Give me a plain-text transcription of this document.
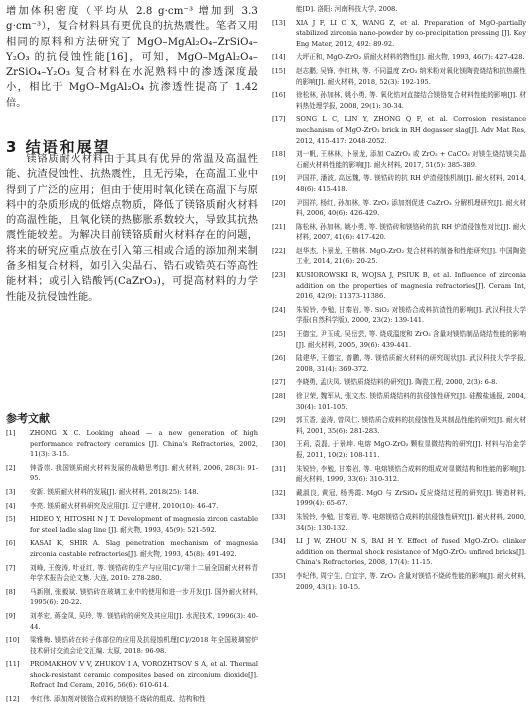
增加体积密度（平均从 2.8 g·cm⁻³ 增加到 3.3 g·cm⁻³），复合材料具有更优良的抗热震性。笔者又用相同的原料和方法研究了 MgO–MgAl₂O₄–ZrSiO₄–Y₂O₃ 的抗侵蚀性能[16]，可知，MgO–MgAl₂O₄–ZrSiO₄–Y₂O₃ 复合材料在水泥熟料中的渗透深度最小，相比于 MgO–MgAl₂O₄ 抗渗透性提高了 1.42 倍。

3 结语和展望

镁铬质耐火材料由于其具有优异的常温及高温性能、抗渣侵蚀性、抗热震性，且无污染，在高温工业中得到了广泛的应用；但由于使用时氧化镁在高温下与原料中的杂质形成的低熔点物质，降低了镁铬质耐火材料的高温性能，且氧化镁的热膨胀系数较大，导致其抗热震性能较差。为解决目前镁铬质耐火材料存在的问题，将来的研究应重点放在引入第三相或合适的添加剂来制备多相复合材料，如引入尖晶石、锆石或锆英石等高性能材料；或引入锆酸钙(CaZrO₃)，可提高材料的力学性能及抗侵蚀性能。

参考文献
[1] ZHONG X C. Looking ahead — a new generation of high performance refractory ceramics [J]. China's Refractories, 2002, 11(3): 3-15.
[2] 钟香崇. 我国镁质耐火材料发展的战略思考[J]. 耐火材料, 2006, 28(3): 91-95.
[3] 安新. 镁质耐火材料的发展[J]. 耐火材料, 2018(25): 148.
[4] 李亮. 镁质耐火材料研究及应用[J]. 辽宁建材, 2010(10): 46-47.
[5] HIDEO Y, HITOSHI N J T. Development of magnesia zircon castable for steel ladle slag line [J]. 耐火物, 1993, 45(9): 521-592.
[6] KASAI K, SHIR A. Slag penetration mechanism of magnesia zirconia castable refractories[J]. 耐火物, 1993, 45(8): 491-492.
[7] 刘峰, 王俊涛, 叶亚红, 等. 镁锆砖的生产与应用[C]//第十二届全国耐火材料青年学术报告会论文集. 大连, 2010: 278-280.
[8] 马新刚, 张毅斌. 镁锆砖在玻璃工业中的使用和进一步开发[J]. 国外耐火材料, 1995(6): 20-22.
[9] 刘孝宏, 蒋金凤, 吴玲, 等. 镁锆砖的研究及其应用[J]. 水泥技术, 1996(3): 40-44.
[10] 梁雅梅. 镁锆砖在转子体部位的应用及抗侵蚀机理[C]//2018 年全国玻璃窑炉技术研讨交流会论文汇编. 太原, 2018: 96-98.
[11] PROMAKHOV V V, ZHUKOV I A, VOROZHTSOV S A, et al. Thermal shock-resistant ceramic composites based on zirconium dioxide[J]. Refract Ind Ceram, 2016, 56(6): 610-614.
[12] 李红伟. 添加剂对镁铬合成料的镁铬不烧砖的组成、结构和性
能[D]. 洛阳: 河南科技大学, 2008.
[13] XIA J F, LI C X, WANG Z, et al. Preparation of MgO-partially stabilized zirconia nano-powder by co-precipitation pressing [J]. Key Eng Mater, 2012, 492: 89-92.
[14] 大坪正和, MgO-ZrO₂ 质耐火材料的物性[J]. 耐火物, 1993, 46(7): 427-428.
[15] 赵志鹏, 吴锋, 李红林, 等. 不同温度 ZrO₂ 纳米粉对氧化镁陶瓷烧结和抗热震性的影响[J]. 耐火材料, 2018, 52(3): 192-195.
[16] 徐松林, 孙加林, 姚小勇, 等. 氧化锆对直接结合镁铬复合材料性能的影响[J]. 材料热处理学报, 2008, 29(1): 30-34.
[17] SONG L C, LIN Y, ZHONG Q F, et al. Corrosion resistance mechanism of MgO-ZrO₂ brick in RH degasser slag[J]. Adv Mat Res, 2012, 415-417: 2048-2052.
[18] 刘一帆, 王林林, 卜景龙, 添加 CaZrO₃ 或 ZrO₂ + CaCO₃ 对镁生烧结镁尖晶石耐火材料性能的影响[J]. 耐火材料, 2017, 51(5): 385-389.
[19] 尹国祥, 潘波, 高远魏, 等. 镁锆砖的抗 RH 炉渣侵蚀机制[J]. 耐火材料, 2014, 48(6): 415-418.
[20] 尹国祥, 杨红, 孙加林, 等. ZrO₂ 添加剂促进 CaZrO₃ 分解机理研究[J]. 耐火材料, 2006, 40(6): 426-429.
[21] 陈松林, 孙加林, 姚小勇, 等. 镁锆砖和镁铬砖的抗 RH 炉渣侵蚀性对比[J]. 耐火材料, 2007, 41(6): 417-420.
[22] 赵华杰, 卜景龙, 王榕林. MgO-ZrO₂ 复合材料的制备和性能研究[J]. 中国陶瓷工业, 2014, 21(6): 20-25.
[23] KUSIOROWSKI R, WOJSA J, PSIUK B, et al. Influence of zirconia addition on the properties of magnesia refractories[J]. Ceram Int, 2016, 42(9): 11373-11386.
[24] 朱锐铃, 李勉, 甘秦岩, 等. SiO₂ 对镁锆合成料抗渣性的影响[J]. 武汉科技大学学报(自然科学版), 2000, 23(2): 139-141.
[25] 王德宝, 尹玉成, 吴岳芸, 等. 烧成温度和 ZrO₂ 含量对镁锆制品烧结性能的影响[J]. 耐火材料, 2005, 39(6): 439-441.
[26] 陆建华, 王德宝, 普鹏, 等. 镁锆质耐火材料的研究现状[J]. 武汉科技大学学报, 2008, 31(4): 369-372.
[27] 李晓勇, 孟庆凤. 镁锆质烧结料的研究[J]. 陶瓷工程, 2000, 2(3): 6-8.
[28] 徐卫荣, 魏军从, 张文杰. 镁锆质烧结料的抗侵蚀性研究[J]. 硅酸盐通报, 2004, 30(4): 101-105.
[29] 郭玉香, 姜涛, 曾凤仁. 镁锆质合成料的抗侵蚀性及其制品性能的研究[J]. 耐火材料, 2001, 35(6): 281-283.
[30] 王莉, 袁磊, 于景坤. 电熔 MgO-ZrO₂ 颗粒显微结构的研究[J]. 材料与冶金学报, 2011, 10(2): 108-111.
[31] 朱锐铃, 李勉, 甘秦岩, 等. 电熔镁锆合成料的组成对显微结构和性能的影响[J]. 耐火材料, 1999, 33(6): 310-312.
[32] 戴淑良, 黄冠, 杨秀霞. MgO 与 ZrSiO₄ 反应烧结过程的研究[J]. 铸造材料, 1999(4): 65-67.
[33] 朱锐铃, 李勉, 甘秦岩, 等. 电熔镁锆合成料的抗侵蚀性研究[J]. 耐火材料, 2000, 34(5): 130-132.
[34] LI J W, ZHOU N S, BAI H Y. Effect of fused MgO-ZrO₂ clinker addition on thermal shock resistance of MgO-ZrO₂ unfired bricks[J]. China's Refractories, 2008, 17(4): 11-15.
[35] 李纪伟, 周宁生, 白宜宇, 等. ZrO₂ 含量对镁锆不烧砖性能的影响[J]. 耐火材料, 2009, 43(1): 10-15.
